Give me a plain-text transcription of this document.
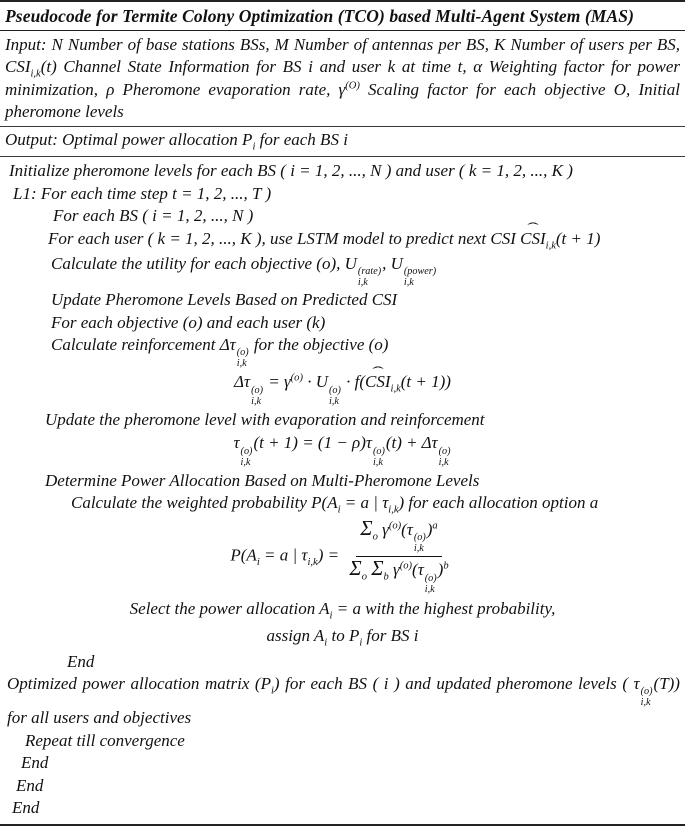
Pseudocode for Termite Colony Optimization (TCO) based Multi-Agent System (MAS)

Input: N Number of base stations BSs, M Number of antennas per BS, K Number of users per BS, $CSI_{i,k}(t)$ Channel State Information for BS i and user k at time t, α Weighting factor for power minimization, ρ Pheromone evaporation rate, $\gamma^{(O)}$ Scaling factor for each objective O, Initial pheromone levels

Output: Optimal power allocation $P_i$ for each BS i

Initialize pheromone levels for each BS ( i = 1, 2, ..., N ) and user ( k = 1, 2, ..., K )
L1: For each time step t = 1, 2, ..., T )
For each BS ( i = 1, 2, ..., N )
For each user ( k = 1, 2, ..., K ), use LSTM model to predict next CSI CSI ˆ$_{i,k}$(t + 1)
Calculate the utility for each objective (o), U (rate)
i,k
, U (power)
i,k
Update Pheromone Levels Based on Predicted CSI
For each objective (o) and each user (k)
Calculate reinforcement Δτ (o)
i,k
for the objective (o)
Δτ (o)
i,k
= $\gamma^{(o)} \cdot U$ (o)
i,k
· f(CSI ˆ$_{i,k}$(t + 1))
Update the pheromone level with evaporation and reinforcement
τ (o)
i,k
(t + 1) = (1 − ρ)τ (o)
i,k
(t) + Δτ (o)
i,k
Determine Power Allocation Based on Multi-Pheromone Levels
Calculate the weighted probability $P(A_i = a$ | $\tau_{i,k}$) for each allocation option a
$P(A_i = a$ | $\tau_{i,k}) = \Sigma_o$ $\gamma^{(o)}(\tau$ (o)
i,k
)$^a$
$\Sigma_o$ $\Sigma_b$ $\gamma^{(o)}(\tau$ (o)
i,k
)$^b$
Select the power allocation $A_i = a$ with the highest probability,
assign $A_i$ to $P_i$ for BS i
End
Optimized power allocation matrix $(P_i)$ for each BS ( i ) and updated pheromone levels ( τ (o)
i,k
(T)) for all users and objectives
Repeat till convergence
End
End
End
